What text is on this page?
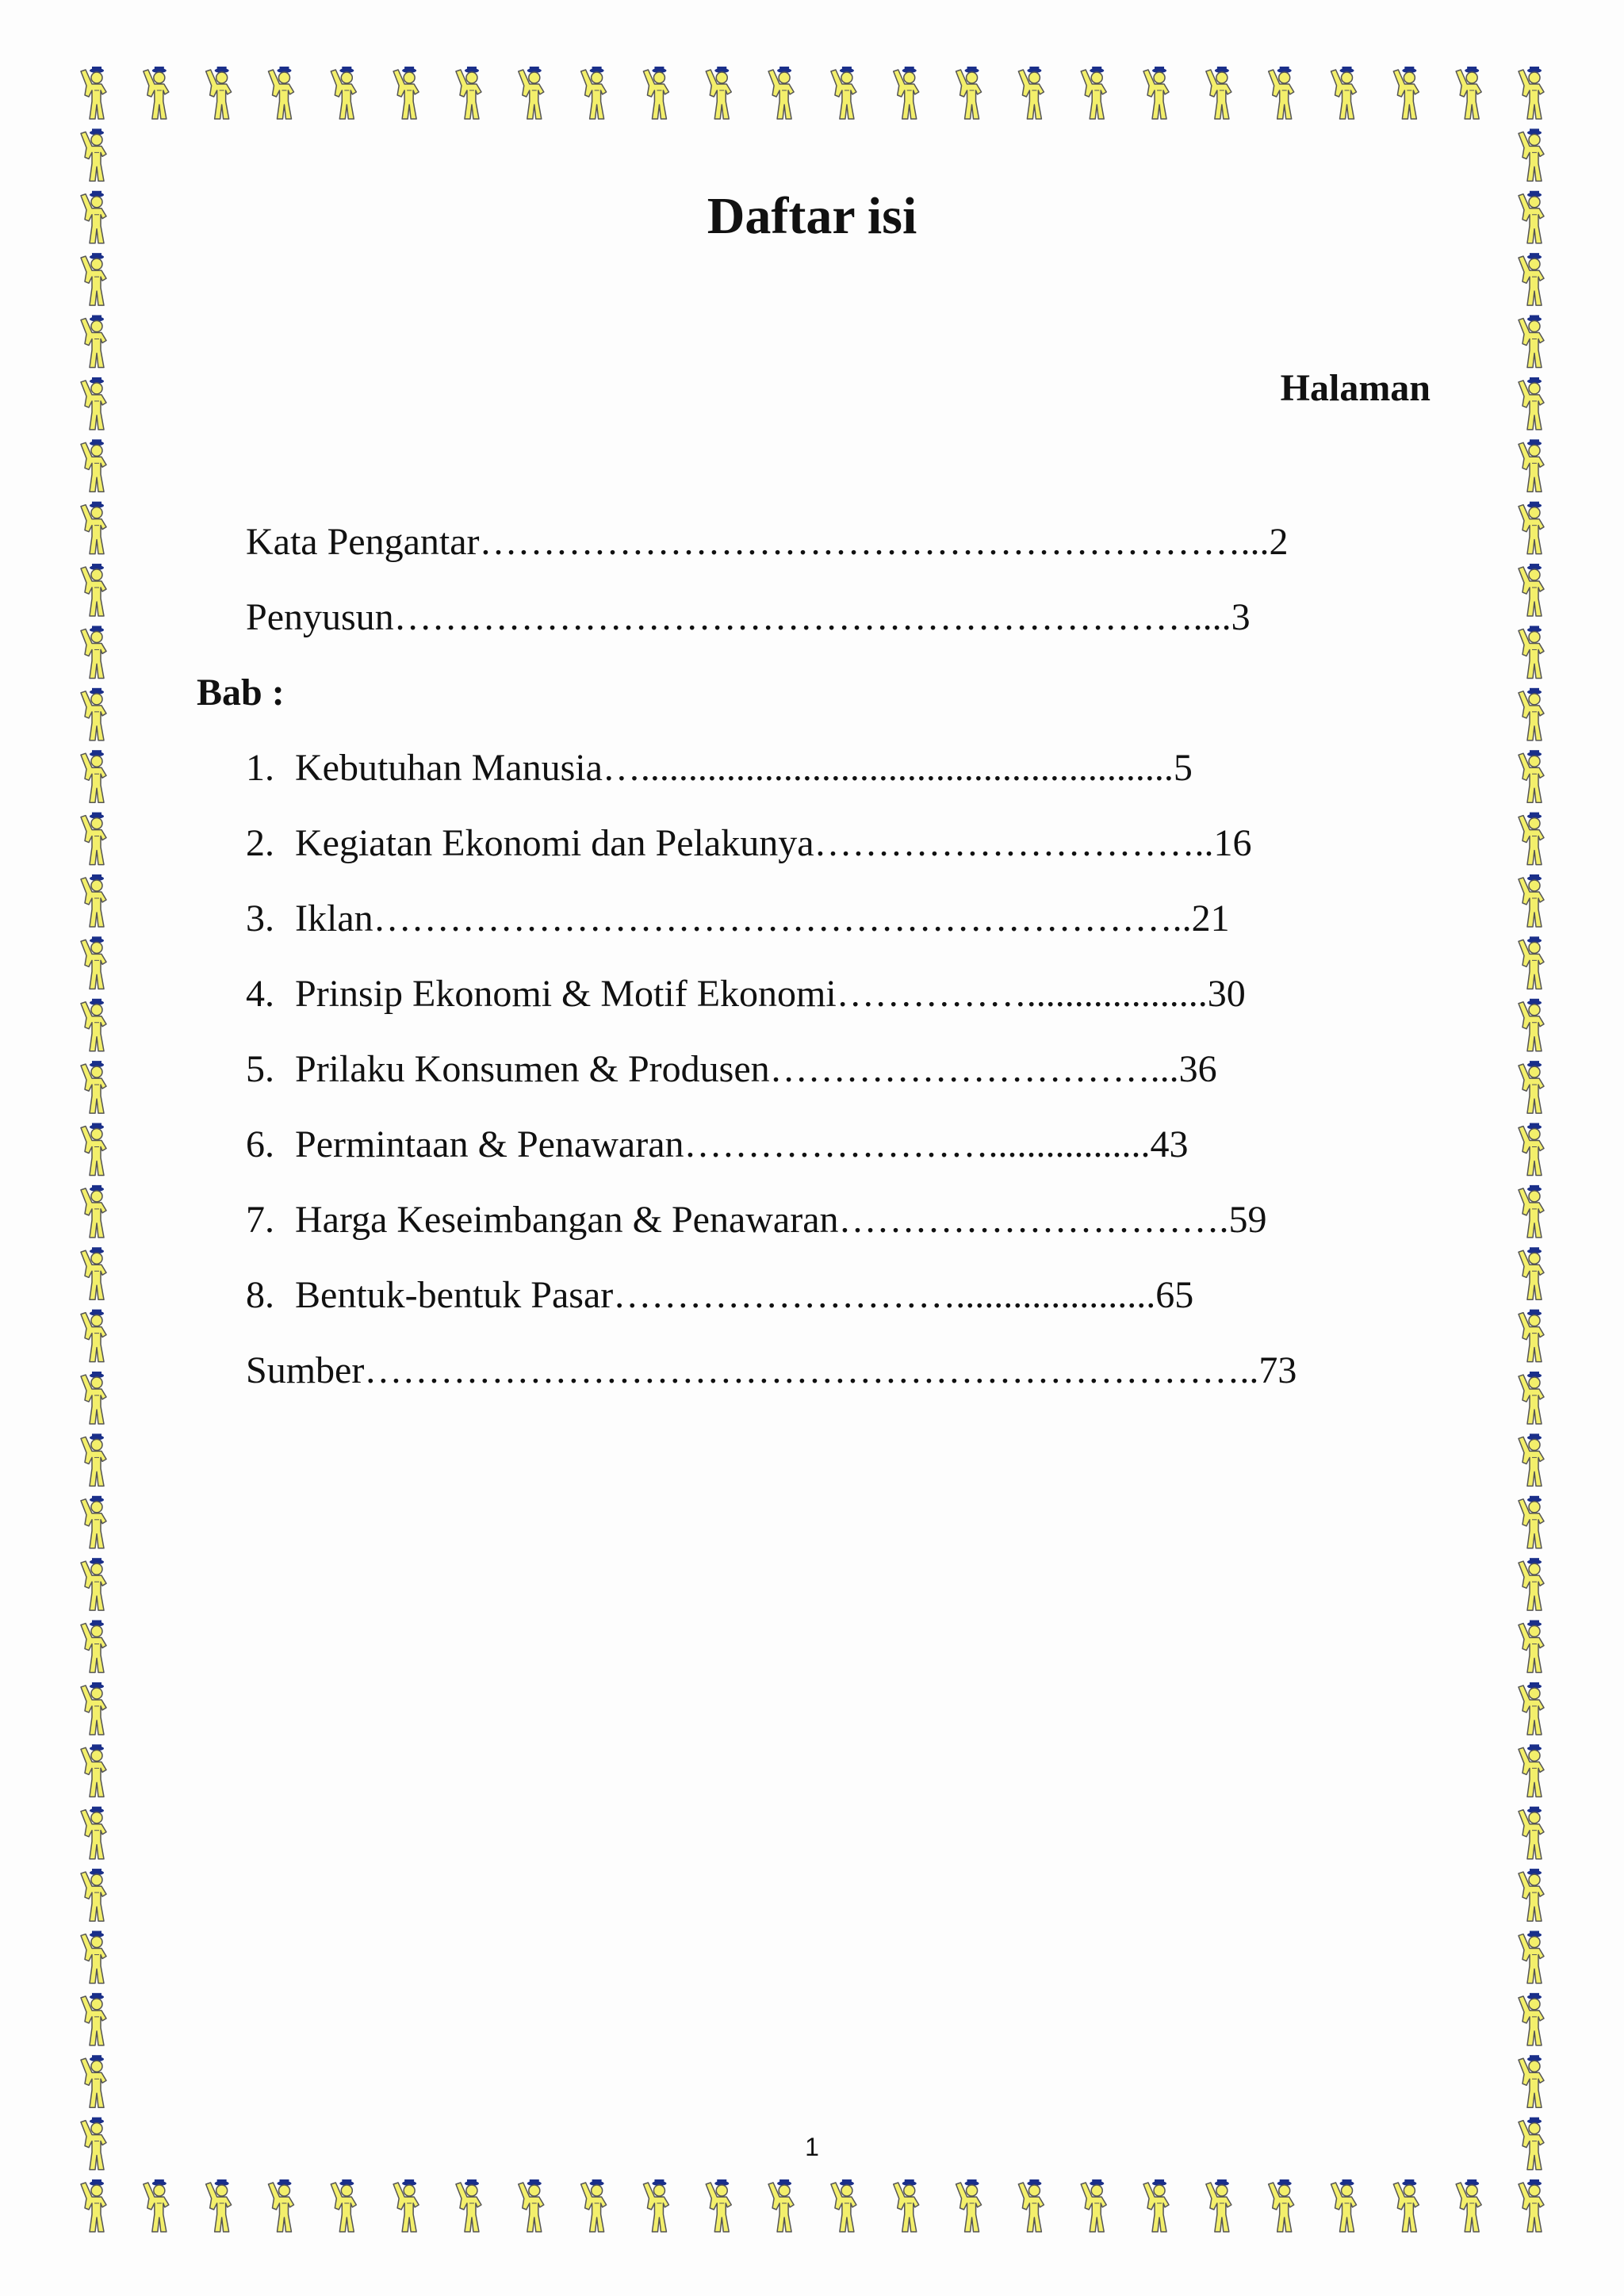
Daftar isi
Halaman
Kata Pengantar……………………………………………………...2
Penyusun………………………………………………………....3
Bab :
1. Kebutuhan Manusia…........................................................5
2. Kegiatan Ekonomi dan Pelakunya…………………………..16
3. Iklan………………………………………………………..21
4. Prinsip Ekonomi & Motif Ekonomi……………...................30
5. Prilaku Konsumen & Produsen…………………………...36
6. Permintaan & Penawaran…………………….................43
7. Harga Keseimbangan & Penawaran………………………….59
8. Bentuk-bentuk Pasar……………………….....................65
Sumber……………………………………………………………..73
1
